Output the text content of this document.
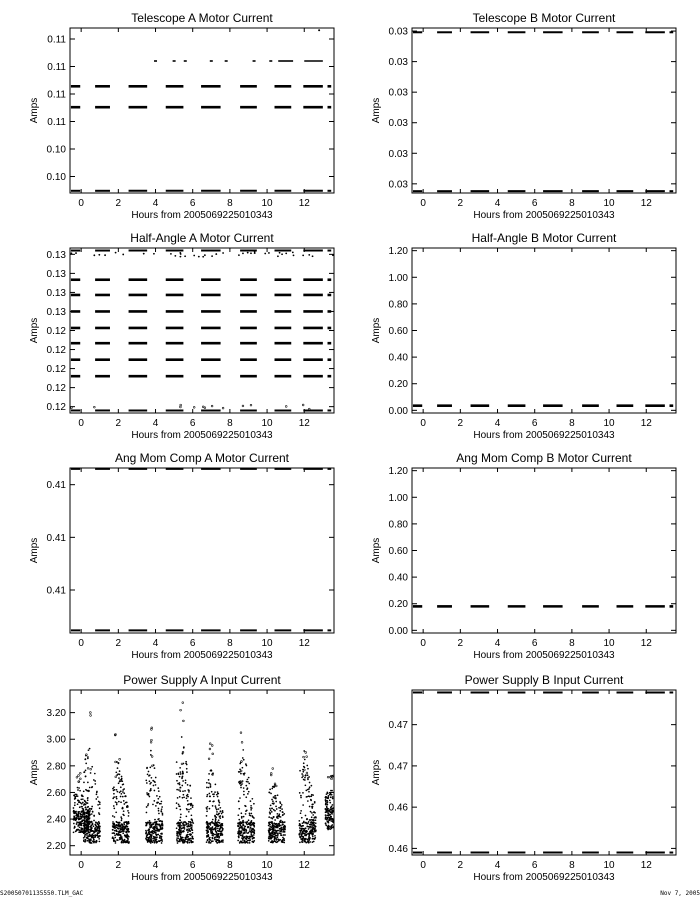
Telescope A Motor Current
Hours from 2005069225010343
Amps
0	2	4	6	8	10	12
0.10
0.10
0.11
0.11
0.11
0.11
Telescope B Motor Current
Hours from 2005069225010343
Amps
0	2	4	6	8	10	12
0.03
0.03
0.03
0.03
0.03
0.03
Half-Angle A Motor Current
Hours from 2005069225010343
Amps
0	2	4	6	8	10	12
0.12
0.12
0.12
0.12
0.12
0.13
0.13
0.13
0.13
Half-Angle B Motor Current
Hours from 2005069225010343
Amps
0	2	4	6	8	10	12
0.00
0.20
0.40
0.60
0.80
1.00
1.20
Ang Mom Comp A Motor Current
Hours from 2005069225010343
Amps
0	2	4	6	8	10	12
0.41
0.41
0.41
Ang Mom Comp B Motor Current
Hours from 2005069225010343
Amps
0	2	4	6	8	10	12
0.00
0.20
0.40
0.60
0.80
1.00
1.20
Power Supply A Input Current
Hours from 2005069225010343
Amps
0	2	4	6	8	10	12
2.20
2.40
2.60
2.80
3.00
3.20
Power Supply B Input Current
Hours from 2005069225010343
Amps
0	2	4	6	8	10	12
0.46
0.46
0.47
0.47
S20050701135550.TLM_GAC	Nov 7, 2005
